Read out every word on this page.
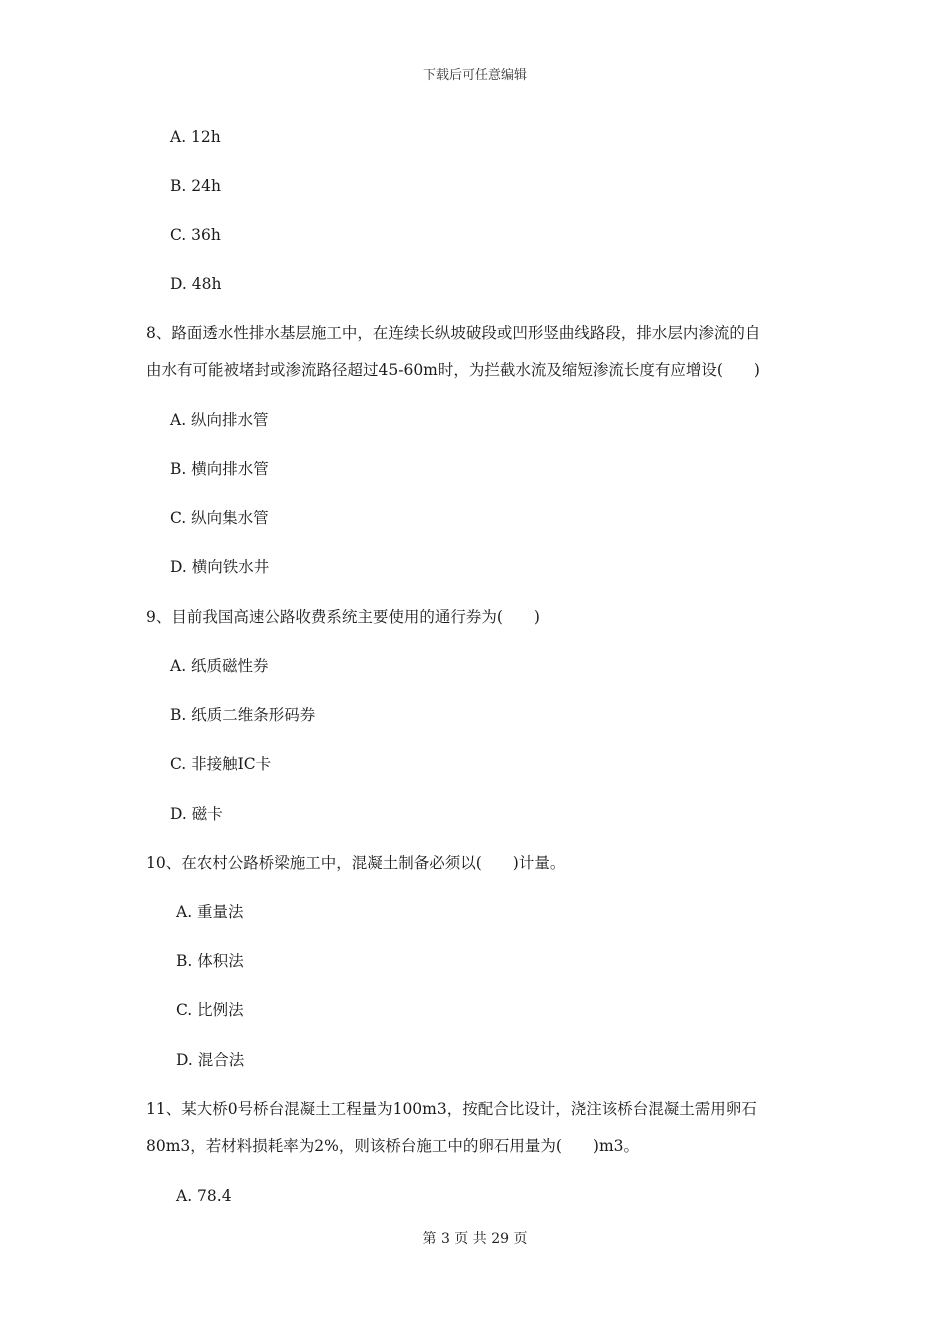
下载后可任意编辑
A. 12h
B. 24h
C. 36h
D. 48h
8、路面透水性排水基层施工中，在连续长纵坡破段或凹形竖曲线路段，排水层内渗流的自
由水有可能被堵封或渗流路径超过45-60m时，为拦截水流及缩短渗流长度有应增设(　　)
A. 纵向排水管
B. 横向排水管
C. 纵向集水管
D. 横向铁水井
9、目前我国高速公路收费系统主要使用的通行券为(　　)
A. 纸质磁性券
B. 纸质二维条形码券
C. 非接触IC卡
D. 磁卡
10、在农村公路桥梁施工中，混凝土制备必须以(　　)计量。
A. 重量法
B. 体积法
C. 比例法
D. 混合法
11、某大桥0号桥台混凝土工程量为100m3，按配合比设计，浇注该桥台混凝土需用卵石
80m3，若材料损耗率为2%，则该桥台施工中的卵石用量为(　　)m3。
A. 78.4
第 3 页 共 29 页
